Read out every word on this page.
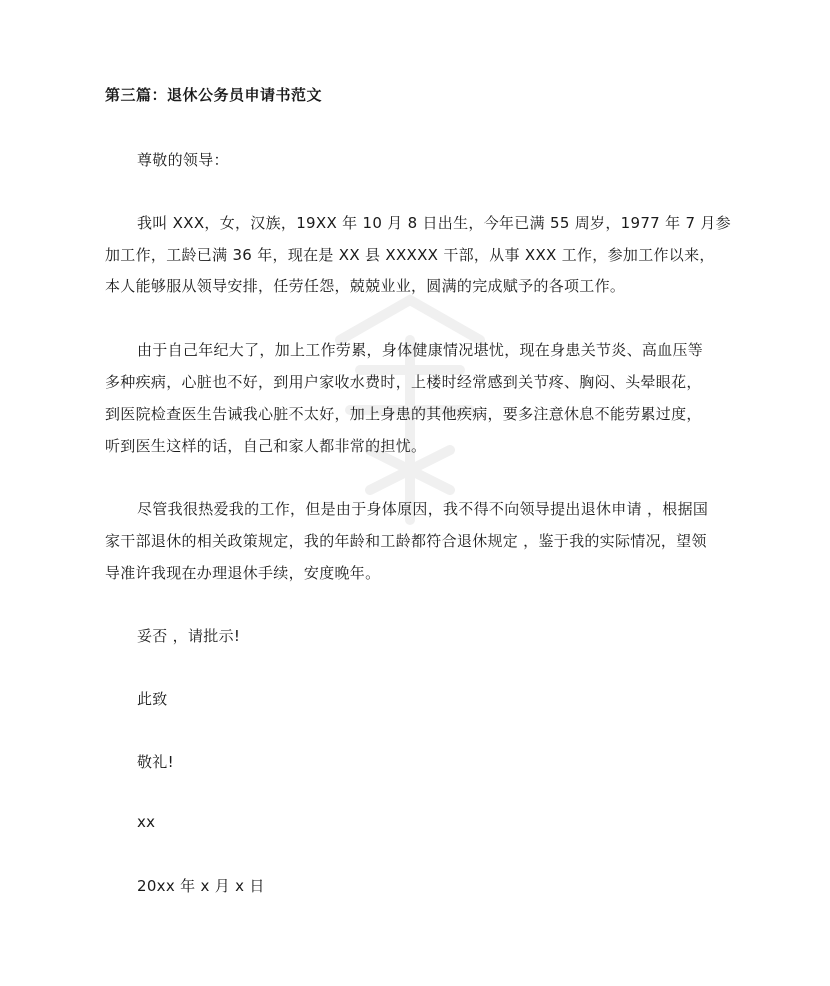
第三篇：退休公务员申请书范文
尊敬的领导：
我叫 XXX，女，汉族，19XX 年 10 月 8 日出生，今年已满 55 周岁，1977 年 7 月参
加工作，工龄已满 36 年，现在是 XX 县 XXXXX 干部，从事 XXX 工作，参加工作以来，
本人能够服从领导安排，任劳任怨，兢兢业业，圆满的完成赋予的各项工作。
由于自己年纪大了，加上工作劳累，身体健康情况堪忧，现在身患关节炎、高血压等
多种疾病，心脏也不好，到用户家收水费时，上楼时经常感到关节疼、胸闷、头晕眼花，
到医院检查医生告诫我心脏不太好，加上身患的其他疾病，要多注意休息不能劳累过度，
听到医生这样的话，自己和家人都非常的担忧。
尽管我很热爱我的工作，但是由于身体原因，我不得不向领导提出退休申请 ，根据国
家干部退休的相关政策规定，我的年龄和工龄都符合退休规定 ，鉴于我的实际情况，望领
导准许我现在办理退休手续，安度晚年。
妥否 ，请批示!
此致
敬礼!
xx
20xx 年 x 月 x 日
